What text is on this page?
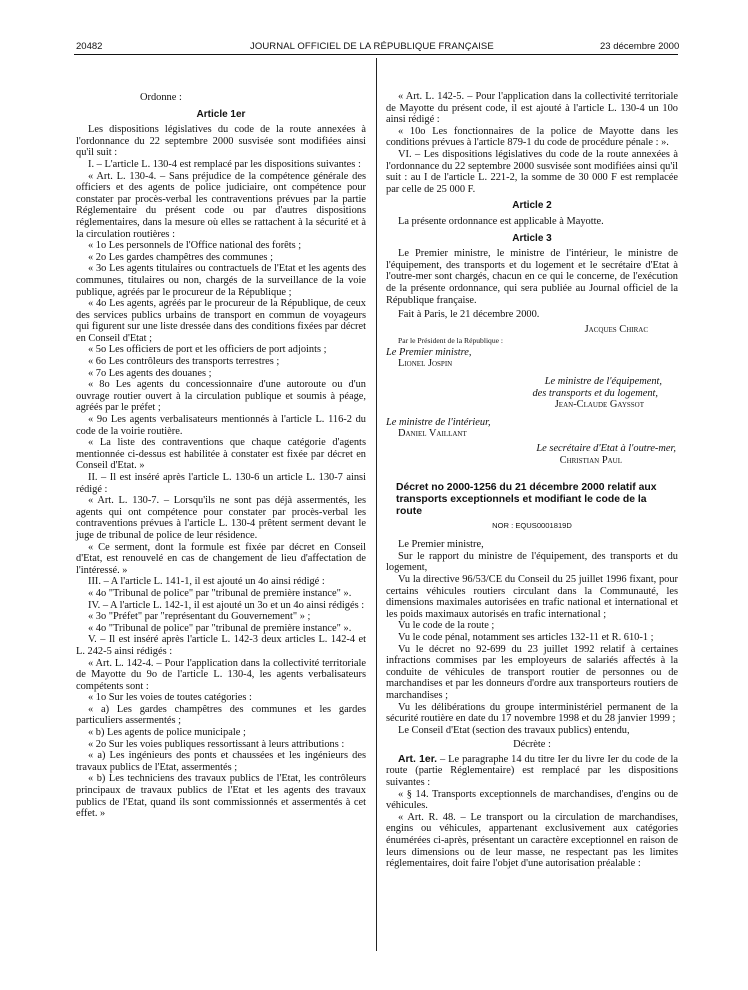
20482	JOURNAL OFFICIEL DE LA RÉPUBLIQUE FRANÇAISE	23 décembre 2000

Ordonne :

Article 1er

Les dispositions législatives du code de la route annexées à l'ordonnance du 22 septembre 2000 susvisée sont modifiées ainsi qu'il suit :

I. – L'article L. 130-4 est remplacé par les dispositions suivantes :

« Art. L. 130-4. – Sans préjudice de la compétence générale des officiers et des agents de police judiciaire, ont compétence pour constater par procès-verbal les contraventions prévues par la partie Réglementaire du présent code ou par d'autres dispositions réglementaires, dans la mesure où elles se rattachent à la sécurité et à la circulation routières :

« 1o Les personnels de l'Office national des forêts ;

« 2o Les gardes champêtres des communes ;

« 3o Les agents titulaires ou contractuels de l'Etat et les agents des communes, titulaires ou non, chargés de la surveillance de la voie publique, agréés par le procureur de la République ;

« 4o Les agents, agréés par le procureur de la République, de ceux des services publics urbains de transport en commun de voyageurs qui figurent sur une liste dressée dans des conditions fixées par décret en Conseil d'Etat ;

« 5o Les officiers de port et les officiers de port adjoints ;

« 6o Les contrôleurs des transports terrestres ;

« 7o Les agents des douanes ;

« 8o Les agents du concessionnaire d'une autoroute ou d'un ouvrage routier ouvert à la circulation publique et soumis à péage, agréés par le préfet ;

« 9o Les agents verbalisateurs mentionnés à l'article L. 116-2 du code de la voirie routière.

« La liste des contraventions que chaque catégorie d'agents mentionnée ci-dessus est habilitée à constater est fixée par décret en Conseil d'Etat. »

II. – Il est inséré après l'article L. 130-6 un article L. 130-7 ainsi rédigé :

« Art. L. 130-7. – Lorsqu'ils ne sont pas déjà assermentés, les agents qui ont compétence pour constater par procès-verbal les contraventions prévues à l'article L. 130-4 prêtent serment devant le juge de tribunal de police de leur résidence.

« Ce serment, dont la formule est fixée par décret en Conseil d'Etat, est renouvelé en cas de changement de lieu d'affectation de l'intéressé. »

III. – A l'article L. 141-1, il est ajouté un 4o ainsi rédigé :

« 4o "Tribunal de police" par "tribunal de première instance" ».

IV. – A l'article L. 142-1, il est ajouté un 3o et un 4o ainsi rédigés :

« 3o "Préfet" par "représentant du Gouvernement" » ;

« 4o "Tribunal de police" par "tribunal de première instance" ».

V. – Il est inséré après l'article L. 142-3 deux articles L. 142-4 et L. 242-5 ainsi rédigés :

« Art. L. 142-4. – Pour l'application dans la collectivité territoriale de Mayotte du 9o de l'article L. 130-4, les agents verbalisateurs compétents sont :

« 1o Sur les voies de toutes catégories :

« a) Les gardes champêtres des communes et les gardes particuliers assermentés ;

« b) Les agents de police municipale ;

« 2o Sur les voies publiques ressortissant à leurs attributions :

« a) Les ingénieurs des ponts et chaussées et les ingénieurs des travaux publics de l'Etat, assermentés ;

« b) Les techniciens des travaux publics de l'Etat, les contrôleurs principaux de travaux publics de l'Etat et les agents des travaux publics de l'Etat, quand ils sont commissionnés et assermentés à cet effet. »

« Art. L. 142-5. – Pour l'application dans la collectivité territoriale de Mayotte du présent code, il est ajouté à l'article L. 130-4 un 10o ainsi rédigé :

« 10o Les fonctionnaires de la police de Mayotte dans les conditions prévues à l'article 879-1 du code de procédure pénale : ».

VI. – Les dispositions législatives du code de la route annexées à l'ordonnance du 22 septembre 2000 susvisée sont modifiées ainsi qu'il suit : au I de l'article L. 221-2, la somme de 30 000 F est remplacée par celle de 25 000 F.

Article 2

La présente ordonnance est applicable à Mayotte.

Article 3

Le Premier ministre, le ministre de l'intérieur, le ministre de l'équipement, des transports et du logement et le secrétaire d'Etat à l'outre-mer sont chargés, chacun en ce qui le concerne, de l'exécution de la présente ordonnance, qui sera publiée au Journal officiel de la République française.

Fait à Paris, le 21 décembre 2000.

Jacques Chirac

Par le Président de la République :

Le Premier ministre,

Lionel Jospin

Le ministre de l'équipement,

des transports et du logement,

Jean-Claude Gayssot

Le ministre de l'intérieur,

Daniel Vaillant

Le secrétaire d'Etat à l'outre-mer,

Christian Paul

Décret no 2000-1256 du 21 décembre 2000 relatif aux transports exceptionnels et modifiant le code de la route
NOR : EQUS0001819D

Le Premier ministre,

Sur le rapport du ministre de l'équipement, des transports et du logement,

Vu la directive 96/53/CE du Conseil du 25 juillet 1996 fixant, pour certains véhicules routiers circulant dans la Communauté, les dimensions maximales autorisées en trafic national et international et les poids maximaux autorisés en trafic international ;

Vu le code de la route ;

Vu le code pénal, notamment ses articles 132-11 et R. 610-1 ;

Vu le décret no 92-699 du 23 juillet 1992 relatif à certaines infractions commises par les employeurs de salariés affectés à la conduite de véhicules de transport routier de personnes ou de marchandises et par les donneurs d'ordre aux transporteurs routiers de marchandises ;

Vu les délibérations du groupe interministériel permanent de la sécurité routière en date du 17 novembre 1998 et du 28 janvier 1999 ;

Le Conseil d'Etat (section des travaux publics) entendu,

Décrète :

Art. 1er. – Le paragraphe 14 du titre Ier du livre Ier du code de la route (partie Réglementaire) est remplacé par les dispositions suivantes :

« § 14. Transports exceptionnels de marchandises, d'engins ou de véhicules.

« Art. R. 48. – Le transport ou la circulation de marchandises, engins ou véhicules, appartenant exclusivement aux catégories énumérées ci-après, présentant un caractère exceptionnel en raison de leurs dimensions ou de leur masse, ne respectant pas les limites réglementaires, doit faire l'objet d'une autorisation préalable :
